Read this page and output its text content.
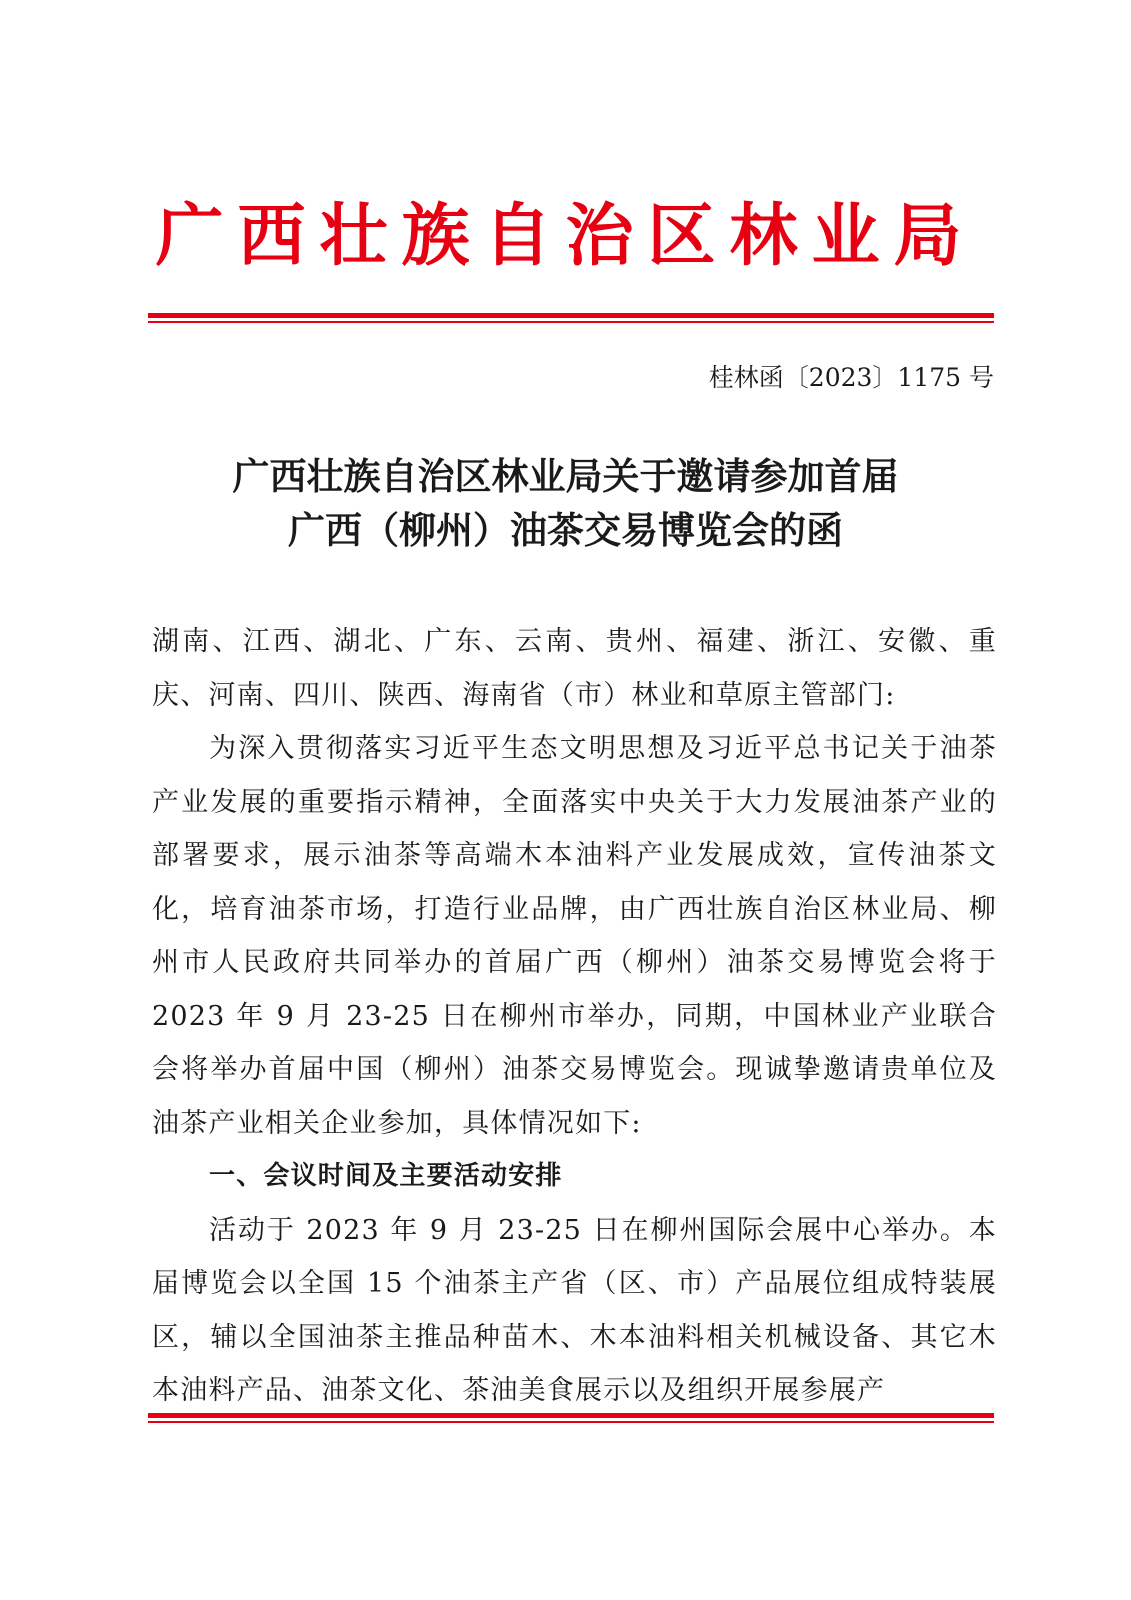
广西壮族自治区林业局
桂林函〔2023〕1175 号
广西壮族自治区林业局关于邀请参加首届
广西（柳州）油茶交易博览会的函

湖南、江西、湖北、广东、云南、贵州、福建、浙江、安徽、重庆、河南、四川、陕西、海南省（市）林业和草原主管部门:

为深入贯彻落实习近平生态文明思想及习近平总书记关于油茶产业发展的重要指示精神，全面落实中央关于大力发展油茶产业的部署要求，展示油茶等高端木本油料产业发展成效，宣传油茶文化，培育油茶市场，打造行业品牌，由广西壮族自治区林业局、柳州市人民政府共同举办的首届广西（柳州）油茶交易博览会将于 2023 年 9 月 23-25 日在柳州市举办，同期，中国林业产业联合会将举办首届中国（柳州）油茶交易博览会。现诚挚邀请贵单位及油茶产业相关企业参加，具体情况如下:

一、会议时间及主要活动安排

活动于 2023 年 9 月 23-25 日在柳州国际会展中心举办。本届博览会以全国 15 个油茶主产省（区、市）产品展位组成特装展区，辅以全国油茶主推品种苗木、木本油料相关机械设备、其它木本油料产品、油茶文化、茶油美食展示以及组织开展参展产
